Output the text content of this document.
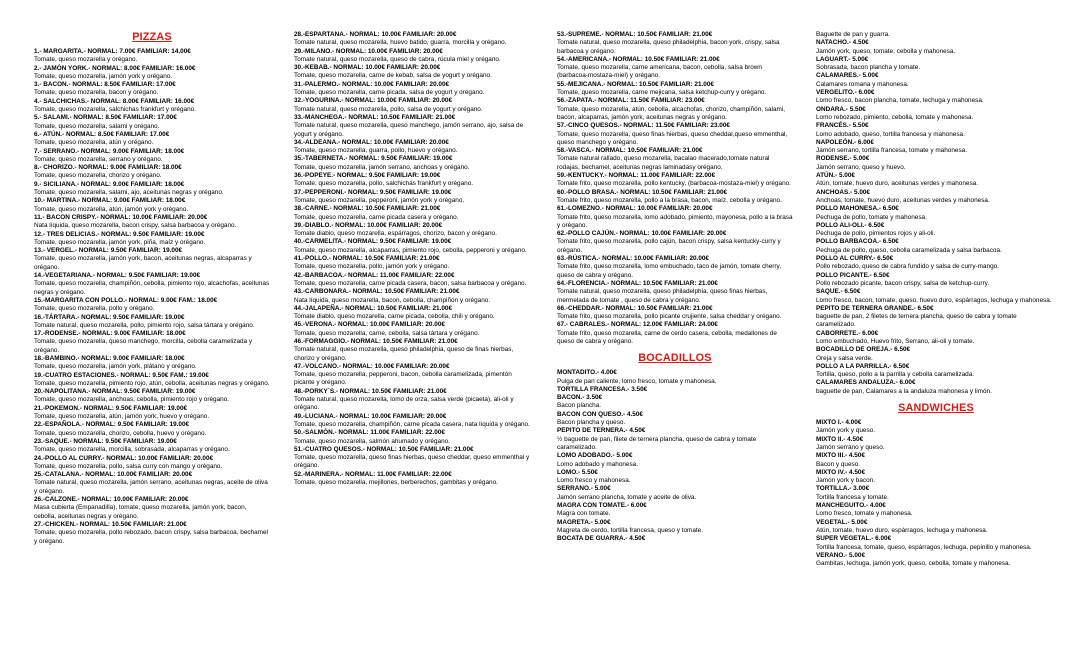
PIZZAS
1.- MARGARITA.- NORMAL: 7.00€ FAMILIAR: 14.00€
Tomate, queso mozarella y orégano.
2.- JAMÓN YORK.- NORMAL: 8.00€ FAMILIAR: 16.00€
Tomate, queso mozarella, jamón york y orégano.
3.- BACON.- NORMAL: 8.50€ FAMILIAR: 17.00€
Tomate, queso mozarella, bacon y orégano.
4.- SALCHICHAS.- NORMAL: 8.00€ FAMILIAR: 16.00€
Tomate, queso mozarella, salchichas frankfurt y orégano.
5.- SALAMI.- NORMAL: 8.50€ FAMILIAR: 17.00€
Tomate, queso mozarella, salami y orégano.
6.- ATÚN.- NORMAL: 8.50€ FAMILIAR: 17.00€
Tomate, queso mozarella, atún y orégano.
7.- SERRANO.- NORMAL: 9.00€ FAMILIAR: 18.00€
Tomate, queso mozarella, serrano y orégano.
8.- CHORIZO.- NORMAL: 9.00€ FAMILIAR: 18.00€
Tomate, queso mozarella, chorizo y orégano.
9.- SICILIANA.- NORMAL: 9.00€ FAMILIAR: 18.00€
Tomate, queso mozarella, salami, ajo, aceitunas negras y orégano.
10.- MARTINA.- NORMAL: 9.00€ FAMILIAR: 18.00€
Tomate, queso mozarella, atún, jamón york y orégano.
11.- BACON CRISPY.- NORMAL: 10.00€ FAMILIAR: 20.00€
Nata líquida, queso mozarella, bacon crispy, salsa barbacoa y orégano.
12.- TRES DELICIAS.- NORMAL: 9.50€ FAMILIAR: 19.00€
Tomate, queso mozarella, jamón york, piña, maíz y orégano.
13.- VERGEL.- NORMAL: 9.50€ FAMILIAR: 19.00€
Tomate, queso mozarella, jamón york, bacon, aceitunas negras, alcaparras y orégano.
14.-VEGETARIANA.- NORMAL: 9.50€ FAMILIAR: 19.00€
Tomate, queso mozarella, champiñón, cebolla, pimiento rojo, alcachofas, aceitunas negras y orégano.
15.-MARGARITA CON POLLO.- NORMAL: 9.00€ FAM.: 18.00€
Tomate, queso mozarella, pollo y orégano.
16.-TÁRTARA.- NORMAL: 9.50€ FAMILIAR: 19.00€
Tomate natural, queso mozarella, pollo, pimiento rojo, salsa tártara y orégano.
17.-RODENSE.- NORMAL: 9.00€ FAMILIAR: 18.00€
Tomate, queso mozarella, queso manchego, morcilla, cebolla caramelizada y orégano.
18.-BAMBINO.- NORMAL: 9.00€ FAMILIAR: 18.00€
Tomate, queso mozarella, jamón york, plátano y orégano.
19.-CUATRO ESTACIONES.- NORMAL: 9.50€ FAM.: 19.00€
Tomate, queso mozarella, pimiento rojo, atún, cebolla, aceitunas negras y orégano.
20.-NAPOLITANA.- NORMAL: 9.50€ FAMILIAR: 19.00€
Tomate, queso mozarella, anchoas, cebolla, pimiento rojo y orégano.
21.-POKEMON.- NORMAL: 9.50€ FAMILIAR: 19.00€
Tomate, queso mozarella, atún, jamón york, huevo y orégano.
22.-ESPAÑOLA.- NORMAL: 9.50€ FAMILIAR: 19.00€
Tomate, queso mozarella, chorizo, cebolla, huevo y orégano.
23.-SAQUE.- NORMAL: 9.50€ FAMILIAR: 19.00€
Tomate, queso mozarella, morcilla, sobrasada, alcaparras y orégano.
24.-POLLO AL CURRY.- NORMAL: 10.00€ FAMILIAR: 20.00€
Tomate, queso mozarella, pollo, salsa curry con mango y orégano.
25.-CATALANA.- NORMAL: 10.00€ FAMILIAR: 20.00€
Tomate natural, queso mozarella, jamón serrano, aceitunas negras, aceite de oliva y orégano.
26.-CALZONE.- NORMAL: 10.00€ FAMILIAR: 20.00€
Masa cubierta (Empanadilla), tomate, queso mozarella, jamón york, bacon, cebolla, aceitunas negras y orégano.
27.-CHICKEN.- NORMAL: 10.50€ FAMILIAR: 21.00€
Tomate, queso mozarella, pollo rebozado, bacon crispy, salsa barbacoa, bechamel y orégano.
28.-ESPARTANA.- NORMAL: 10.00€ FAMILIAR: 20.00€
Tomate natural, queso mozarella, huevo batido, guarra, morcilla y orégano.
29.-MILANO.- NORMAL: 10.00€ FAMILIAR: 20.00€
Tomate natural, queso mozarella, queso de cabra, rúcula miel y orégano.
30.-KEBAB.- NORMAL: 10.00€ FAMILIAR: 20.00€
Tomate, queso mozarella, carne de kebab, salsa de yogurt y orégano.
31.-PALERMO.- NORMAL: 10.00€ FAMILIAR: 20.00€
Tomate, queso mozarella, carne picada, salsa de yogurt y orégano.
32.-YOGURINA.- NORMAL: 10.00€ FAMILIAR: 20.00€
Tomate natural, queso mozarella, pollo, salsa de yogurt y orégano.
33.-MANCHEGA.- NORMAL: 10.50€ FAMILIAR: 21.00€
Tomate natural, queso mozarella, queso manchego, jamón serrano, ajo, salsa de yogurt y orégano.
34.-ALDEANA.- NORMAL: 10.00€ FAMILIAR: 20.00€
Tomate, queso mozarella, guarra, pollo, huevo y orégano.
35.-TABERNETA.- NORMAL: 9.50€ FAMILIAR: 19.00€
Tomate, queso mozarella, jamón serrano, anchoas y orégano.
36.-POPEYE.- NORMAL: 9.50€ FAMILIAR: 19.00€
Tomate, queso mozarella, pollo, salchichas frankfurt y orégano.
37.-PEPPERONI.- NORMAL: 9.50€ FAMILIAR: 19.00€
Tomate, queso mozarella, pepperoni, jamón york y orégano.
38.-CARNE.- NORMAL: 10.50€ FAMILIAR: 21.00€
Tomate, queso mozarella, carne picada casera y orégano.
39.-DIABLO.- NORMAL: 10.00€ FAMILIAR: 20.00€
Tomate diablo, queso mozarella, espárragos, chorizo, bacon y orégano.
40.-CARMELITA.- NORMAL: 9.50€ FAMILIAR: 19.00€
Tomate, queso mozarella, alcaparras, pimiento rojo, cebolla, pepperoni y orégano.
41.-POLLO.- NORMAL: 10.50€ FAMILIAR: 21.00€
Tomate, queso mozarella, pollo, jamón york y orégano.
42.-BARBACOA.- NORMAL: 11.00€ FAMILIAR: 22.00€
Tomate, queso mozarella, carne picada casera, bacon, salsa barbacoa y orégano.
43.-CARBONARA.- NORMAL: 10.50€ FAMILIAR: 21.00€
Nata líquida, queso mozarella, bacon, cebolla, champiñón y orégano.
44.-JALAPEÑA.- NORMAL: 10.50€ FAMILIAR: 21.00€
Tomate diablo, queso mozarella, carne picada, cebolla, chili y orégano.
45.-VERONA.- NORMAL: 10.00€ FAMILIAR: 20.00€
Tomate, queso mozarella, carne, cebolla, salsa tártara y orégano.
46.-FORMAGGIO.- NORMAL: 10.50€ FAMILIAR: 21.00€
Tomate natural, queso mozarella, queso philadelphia, queso de finas hierbas, chorizo y orégano.
47.-VOLCANO.- NORMAL: 10.00€ FAMILIAR: 20.00€
Tomate, queso mozarella, pepperoni, bacon, cebolla caramelizada, pimentón picante y orégano.
48.-PORKY´S.- NORMAL: 10.50€ FAMILIAR: 21.00€
Tomate natural, queso mozarella, lomo de orza, salsa verde (picaeta), ali-oli y orégano.
49.-LUCIANA.- NORMAL: 10.00€ FAMILIAR: 20.00€
Tomate, queso mozarella, champiñón, carne picada casera, nata líquida y orégano.
50.-SALMÓN.- NORMAL: 11.00€ FAMILIAR: 22.00€
Tomate, queso mozarella, salmón ahumado y orégano.
51.-CUATRO QUESOS.- NORMAL: 10.50€ FAMILIAR: 21.00€
Tomate, queso mozarella, queso finas hierbas, queso cheddar, queso emmenthal y orégano.
52.-MARINERA.- NORMAL: 11.00€ FAMILIAR: 22.00€
Tomate, queso mozarella, mejillones, berberechos, gambitas y orégano.
53.-SUPREME.- NORMAL: 10.50€ FAMILIAR: 21.00€
Tomate natural, queso mozarella, queso philadelphia, bacon york, crispy, salsa barbacoa y orégano.
54.-AMERICANA.- NORMAL: 10.50€ FAMILIAR: 21.00€
Tomate, queso mozarella, carne americana, bacon, cebolla, salsa brown (barbacoa-mostaza-miel) y orégano.
55.-MEJICANA.- NORMAL: 10.50€ FAMILIAR: 21.00€
Tomate, queso mozarella, carne mejicana, salsa ketchup-curry y orégano.
56.-ZAPATA.- NORMAL: 11.50€ FAMILIAR: 23.00€
Tomate, queso mozarella, atún, cebolla, alcachofas, chorizo, champiñón, salami, bacon, alcaparras, jamón york, aceitunas negras y orégano.
57.-CINCO QUESOS.- NORMAL: 11.50€ FAMILIAR: 23.00€
Tomate, queso mozarella, queso finas hierbas, queso cheddar,queso emmenthal, queso manchego y orégano.
58.-VASCA.- NORMAL: 10.50€ FAMILIAR: 21.00€
Tomate natural rallado, queso mozarella, bacalao macerado,tomate natural rodajas, bechamel, aceitunas negras laminadasy orégano.
59.-KENTUCKY.- NORMAL: 11.00€ FAMILIAR: 22.00€
Tomate frito, queso mozarella, pollo kentucky, (barbacoa-mostaza-miel) y orégano.
60.-POLLO BRASA.- NORMAL: 10.50€ FAMILIAR: 21.00€
Tomate frito, queso mozarella, pollo a la brasa, bacon, maíz, cebolla y orégano.
61.-LOMEZNO.- NORMAL: 10.00€ FAMILIAR: 20.00€
Tomate frito, queso mozarella, lomo adobado, pimiento, mayonesa, pollo a la brasa y orégano.
62.-POLLO CAJÚN.- NORMAL: 10.00€ FAMILIAR: 20.00€
Tomate frito, queso mozarella, pollo cajún, bacon crispy, salsa kentucky-curry y orégano.
63.-RÚSTICA.- NORMAL: 10.00€ FAMILIAR: 20.00€
Tomate frito, queso mozarella, lomo embuchado, taco de jamón, tomate cherry, queso de cabra y orégano.
64.-FLORENCIA.- NORMAL: 10.50€ FAMILIAR: 21.00€
Tomate natural, queso mozarella, queso philadelphia, queso finas hierbas, mermelada de tomate , queso de cabra y orégano.
66.-CHEDDAR.- NORMAL: 10.50€ FAMILIAR: 21.00€
Tomate frito, queso mozarella, pollo picante crujiente, salsa cheddar y orégano.
67.- CABRALES.- NORMAL: 12.00€ FAMILIAR: 24.00€
Tomate frito, queso mozarella, carne de cerdo casera, cebolla, medallones de queso de cabra y orégano.
BOCADILLOS
MONTADITO.- 4.00€
Pulga de pan caliente, lomo fresco, tomate y mahonesa.
TORTILLA FRANCESA.- 3.50€
BACON.- 3.50€
Bacon plancha.
BACON CON QUESO.- 4.50€
Bacon plancha y queso.
PEPITO DE TERNERA.- 4.50€
½ baguette de pan, filete de ternera plancha, queso de cabra y tomate caramelizado.
LOMO ADOBADO.- 5.00€
Lomo adobado y mahonesa.
LOMO.- 5.50€
Lomo fresco y mahonesa.
SERRANO.- 5.00€
Jamón serrano plancha, tomate y aceite de oliva.
MAGRA CON TOMATE.- 6.00€
Magra con tomate.
MAGRETA.- 5.00€
Magreta de cerdo, tortilla francesa, queso y tomate.
BOCATA DE GUARRA.- 4.50€
Baguette de pan y guarra.
NATACHO.- 4.50€
Jamón york, queso, tomate, cebolla y mahonesa.
LAGUART.- 5.00€
Sobrasada, bacon plancha y tomate.
CALAMARES.- 5.00€
Calamares romana y mahonesa.
VERGELITO.- 6.00€
Lomo fresco, bacon plancha, tomate, lechuga y mahonesa.
ONDARA.- 5.50€
Lomo rebozado, pimiento, cebolla, tomate y mahonesa.
FRANCÉS.- 5.50€
Lomo adobado, queso, tortilla francesa y mahonesa.
NAPOLEÓN.- 6.00€
Jamón serrano, tortilla francesa, tomate y mahonesa.
RODENSE.- 5.00€
Jamón serrano, queso y huevo.
ATÚN.- 5.00€
Atún, tomate, huevo duro, aceitunas verdes y mahonesa.
ANCHOAS.- 5.00€
Anchoas, tomate, huevo duro, aceitunas verdes y mahonesa.
POLLO MAHONESA.- 6.50€
Pechuga de pollo, tomate y mahonesa.
POLLO ALI-OLI.- 6.50€
Pechuga de pollo, pimientos rojos y ali-oli.
POLLO BARBACOA.- 6.50€
Pechuga de pollo, queso, cebolla caramelizada y salsa barbacoa.
POLLO AL CURRY.- 6.50€
Pollo rebozado, queso de cabra fundido y salsa de curry-mango.
POLLO PICANTE.- 6.50€
Pollo rebozado picante, bacon crispy, salsa de ketchup-curry.
SAQUE.- 6.50€
Lomo fresco, bacon, tomate, queso, huevo duro, espárragos, lechuga y mahonesa.
PEPITO DE TERNERA GRANDE.- 6.50€
baguette de pan, 2 filetes de ternera plancha, queso de cabra y tomate caramelizado.
CABORRETE.- 6.00€
Lomo embuchado, Huevo frito, Serrano, ali-oli y tomate.
BOCADILLO DE OREJA.- 6.50€
Oreja y salsa verde.
POLLO A LA PARRILLA.- 6.50€
Tortilla, queso, pollo a la parrilla y cebolla caramelizada.
CALAMARES ANDALUZA.- 6.00€
baguette de pan, Calamares a la andaluza mahonesa y limón.
SANDWICHES
MIXTO I.- 4.00€
Jamón york y queso.
MIXTO II.- 4.50€
Jamón serrano y queso.
MIXTO III.- 4.50€
Bacon y queso.
MIXTO IV.- 4.50€
Jamón york y bacon.
TORTILLA.- 3.00€
Tortilla francesa y tomate.
MANCHEGUITO.- 4.00€
Lomo fresco, tomate y mahonesa.
VEGETAL.- 5.00€
Atún, tomate, huevo duro, espárragos, lechuga y mahonesa.
SUPER VEGETAL.- 6.00€
Tortilla francesa, tomate, queso, espárragos, lechuga, pepinillo y mahonesa.
VERANO.- 5.00€
Gambitas, lechuga, jamón york, queso, cebolla, tomate y mahonesa.
